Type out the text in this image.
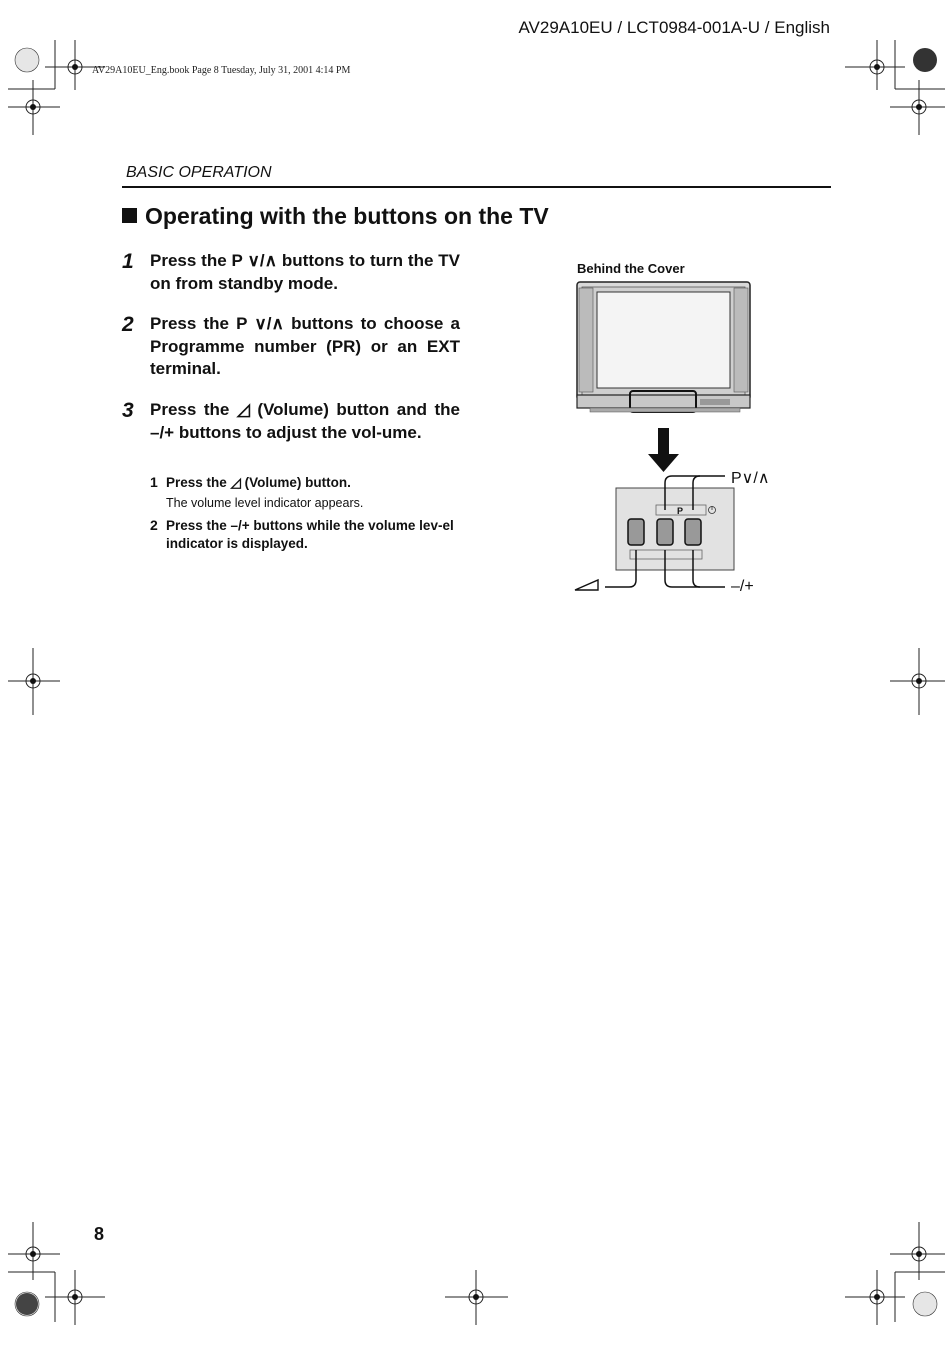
AV29A10EU / LCT0984-001A-U / English
AV29A10EU_Eng.book Page 8 Tuesday, July 31, 2001 4:14 PM
BASIC OPERATION
Operating with the buttons on the TV
1 Press the P ∨/∧ buttons to turn the TV on from standby mode.
2 Press the P ∨/∧ buttons to choose a Programme number (PR) or an EXT terminal.
3 Press the ◿ (Volume) button and the –/+ buttons to adjust the vol-ume.
1 Press the ◿ (Volume) button.
The volume level indicator appears.
2 Press the –/+ buttons while the volume lev-el indicator is displayed.
Behind the Cover
P
P∨/∧
–/+
8
